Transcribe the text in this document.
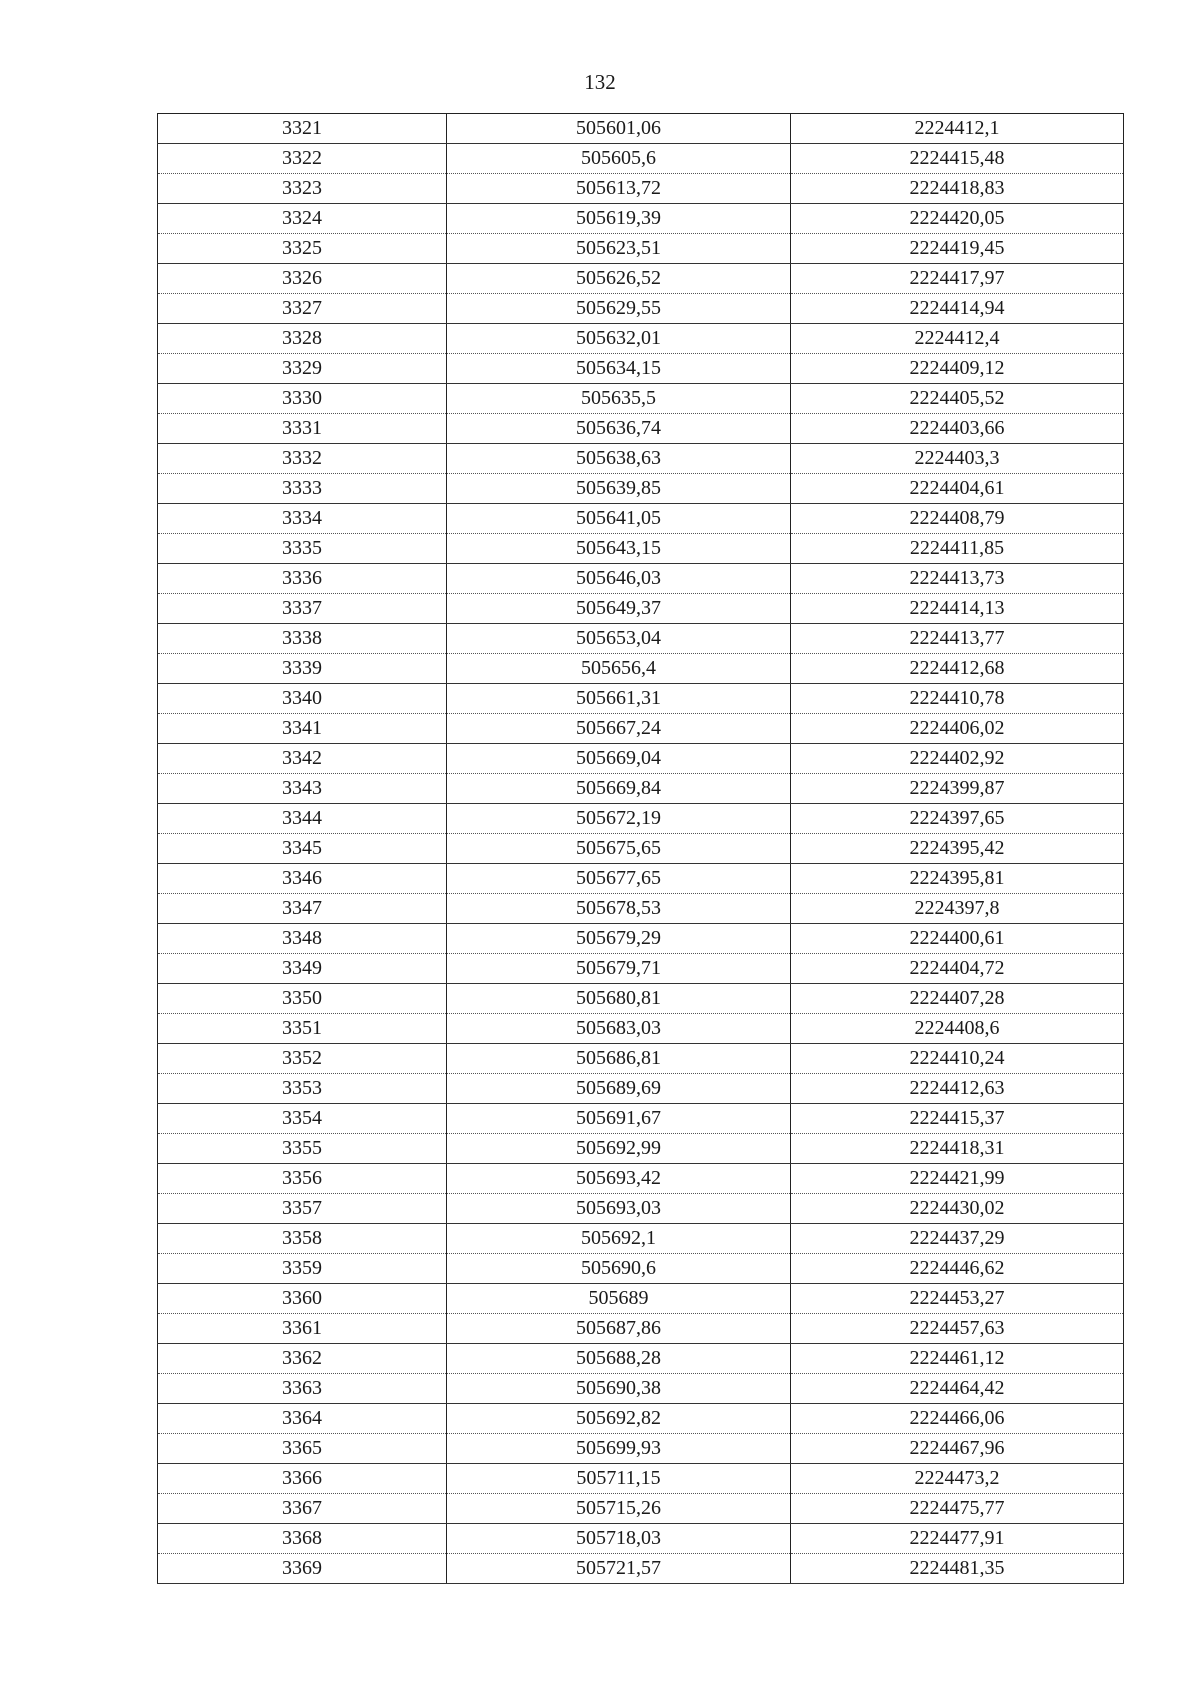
132
3321	505601,06	2224412,1
3322	505605,6	2224415,48
3323	505613,72	2224418,83
3324	505619,39	2224420,05
3325	505623,51	2224419,45
3326	505626,52	2224417,97
3327	505629,55	2224414,94
3328	505632,01	2224412,4
3329	505634,15	2224409,12
3330	505635,5	2224405,52
3331	505636,74	2224403,66
3332	505638,63	2224403,3
3333	505639,85	2224404,61
3334	505641,05	2224408,79
3335	505643,15	2224411,85
3336	505646,03	2224413,73
3337	505649,37	2224414,13
3338	505653,04	2224413,77
3339	505656,4	2224412,68
3340	505661,31	2224410,78
3341	505667,24	2224406,02
3342	505669,04	2224402,92
3343	505669,84	2224399,87
3344	505672,19	2224397,65
3345	505675,65	2224395,42
3346	505677,65	2224395,81
3347	505678,53	2224397,8
3348	505679,29	2224400,61
3349	505679,71	2224404,72
3350	505680,81	2224407,28
3351	505683,03	2224408,6
3352	505686,81	2224410,24
3353	505689,69	2224412,63
3354	505691,67	2224415,37
3355	505692,99	2224418,31
3356	505693,42	2224421,99
3357	505693,03	2224430,02
3358	505692,1	2224437,29
3359	505690,6	2224446,62
3360	505689	2224453,27
3361	505687,86	2224457,63
3362	505688,28	2224461,12
3363	505690,38	2224464,42
3364	505692,82	2224466,06
3365	505699,93	2224467,96
3366	505711,15	2224473,2
3367	505715,26	2224475,77
3368	505718,03	2224477,91
3369	505721,57	2224481,35
